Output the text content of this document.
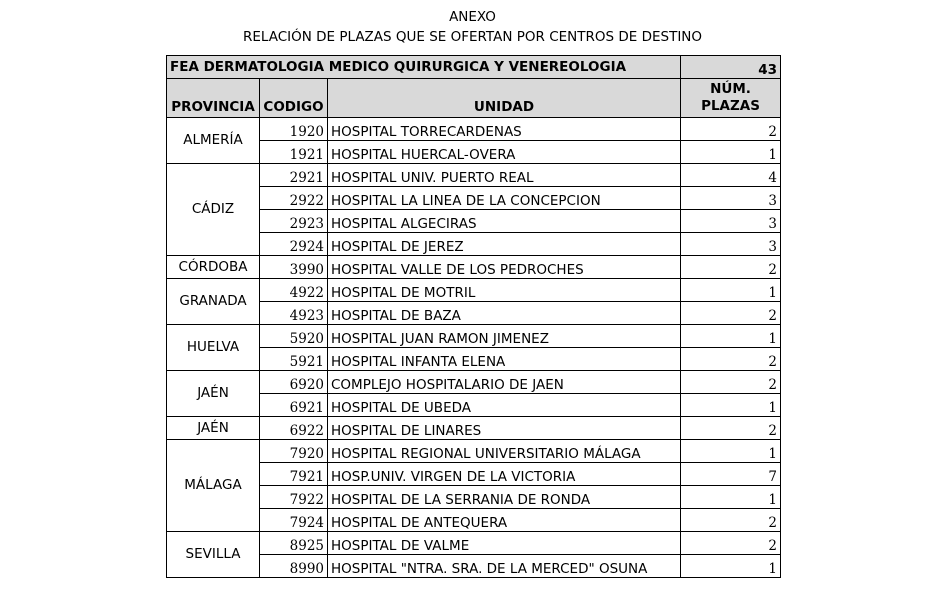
ANEXO
RELACIÓN DE PLAZAS QUE SE OFERTAN POR CENTROS DE DESTINO
FEA DERMATOLOGIA MEDICO QUIRURGICA Y VENEREOLOGIA			43
PROVINCIA	CODIGO	UNIDAD	NÚM.
PLAZAS

ALMERÍA	1920	HOSPITAL TORRECARDENAS	2
	1921	HOSPITAL HUERCAL-OVERA	1
CÁDIZ	2921	HOSPITAL UNIV. PUERTO REAL	4
	2922	HOSPITAL LA LINEA DE LA CONCEPCION	3
	2923	HOSPITAL ALGECIRAS	3
	2924	HOSPITAL DE JEREZ	3
CÓRDOBA	3990	HOSPITAL VALLE DE LOS PEDROCHES	2
GRANADA	4922	HOSPITAL DE MOTRIL	1
	4923	HOSPITAL DE BAZA	2
HUELVA	5920	HOSPITAL JUAN RAMON JIMENEZ	1
	5921	HOSPITAL INFANTA ELENA	2
JAÉN	6920	COMPLEJO HOSPITALARIO DE JAEN	2
	6921	HOSPITAL DE UBEDA	1
JAÉN	6922	HOSPITAL DE LINARES	2
MÁLAGA	7920	HOSPITAL REGIONAL UNIVERSITARIO MÁLAGA	1
	7921	HOSP.UNIV. VIRGEN DE LA VICTORIA	7
	7922	HOSPITAL DE LA SERRANIA DE RONDA	1
	7924	HOSPITAL DE ANTEQUERA	2
SEVILLA	8925	HOSPITAL DE VALME	2
	8990	HOSPITAL "NTRA. SRA. DE LA MERCED" OSUNA	1
